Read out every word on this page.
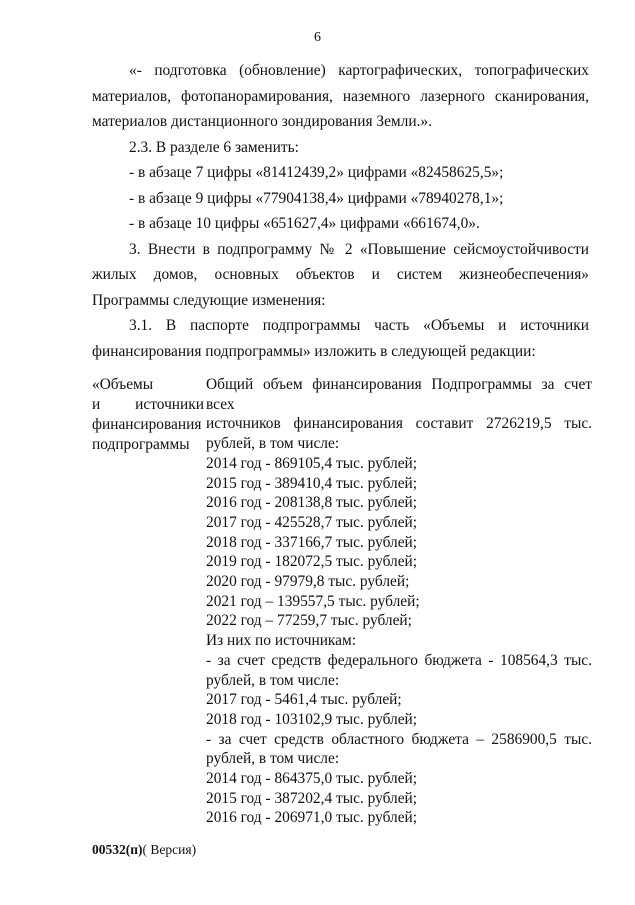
6

«- подготовка (обновление) картографических, топографических материалов, фотопанорамирования, наземного лазерного сканирования, материалов дистанционного зондирования Земли.».

2.3. В разделе 6 заменить:

- в абзаце 7 цифры «81412439,2» цифрами «82458625,5»;

- в абзаце 9 цифры «77904138,4» цифрами «78940278,1»;

- в абзаце 10 цифры «651627,4» цифрами «661674,0».

3. Внести в подпрограмму № 2 «Повышение сейсмоустойчивости жилых домов, основных объектов и систем жизнеобеспечения» Программы следующие изменения:

3.1. В паспорте подпрограммы часть «Объемы и источники финансирования подпрограммы» изложить в следующей редакции:

«Объемы
и источники
финансирования
подпрограммы

Общий объем финансирования Подпрограммы за счет всех

источников финансирования составит 2726219,5 тыс.

рублей, в том числе:

2014 год - 869105,4 тыс. рублей;

2015 год - 389410,4 тыс. рублей;

2016 год - 208138,8 тыс. рублей;

2017 год - 425528,7 тыс. рублей;

2018 год - 337166,7 тыс. рублей;

2019 год - 182072,5 тыс. рублей;

2020 год - 97979,8 тыс. рублей;

2021 год – 139557,5 тыс. рублей;

2022 год – 77259,7 тыс. рублей;

Из них по источникам:

- за счет средств федерального бюджета - 108564,3 тыс.

рублей, в том числе:

2017 год - 5461,4 тыс. рублей;

2018 год - 103102,9 тыс. рублей;

- за счет средств областного бюджета – 2586900,5 тыс.

рублей, в том числе:

2014 год - 864375,0 тыс. рублей;

2015 год - 387202,4 тыс. рублей;

2016 год - 206971,0 тыс. рублей;

00532(п)( Версия)
